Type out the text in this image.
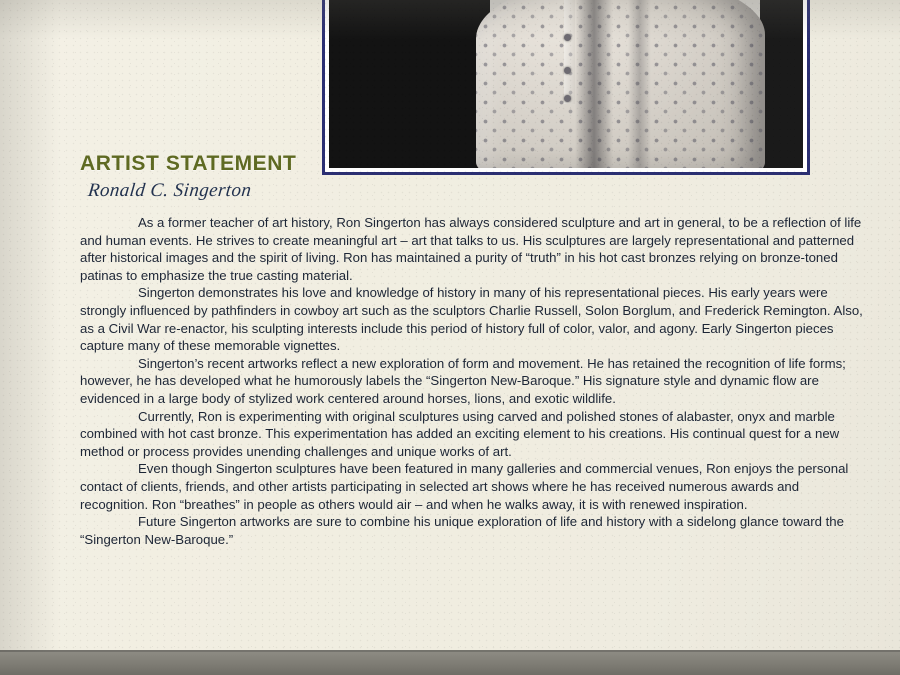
ARTIST STATEMENT
Ronald C. Singerton

As a former teacher of art history, Ron Singerton has always considered sculpture and art in general, to be a reflection of life and human events. He strives to create meaningful art – art that talks to us. His sculptures are largely representational and patterned after historical images and the spirit of living. Ron has maintained a purity of “truth” in his hot cast bronzes relying on bronze-toned patinas to emphasize the true casting material.

Singerton demonstrates his love and knowledge of history in many of his representational pieces. His early years were strongly influenced by pathfinders in cowboy art such as the sculptors Charlie Russell, Solon Borglum, and Frederick Remington. Also, as a Civil War re-enactor, his sculpting interests include this period of history full of color, valor, and agony. Early Singerton pieces capture many of these memorable vignettes.

Singerton’s recent artworks reflect a new exploration of form and movement. He has retained the recognition of life forms; however, he has developed what he humorously labels the “Singerton New-Baroque.” His signature style and dynamic flow are evidenced in a large body of stylized work centered around horses, lions, and exotic wildlife.

Currently, Ron is experimenting with original sculptures using carved and polished stones of alabaster, onyx and marble combined with hot cast bronze. This experimentation has added an exciting element to his creations. His continual quest for a new method or process provides unending challenges and unique works of art.

Even though Singerton sculptures have been featured in many galleries and commercial venues, Ron enjoys the personal contact of clients, friends, and other artists participating in selected art shows where he has received numerous awards and recognition. Ron “breathes” in people as others would air – and when he walks away, it is with renewed inspiration.

Future Singerton artworks are sure to combine his unique exploration of life and history with a sidelong glance toward the “Singerton New-Baroque.”
